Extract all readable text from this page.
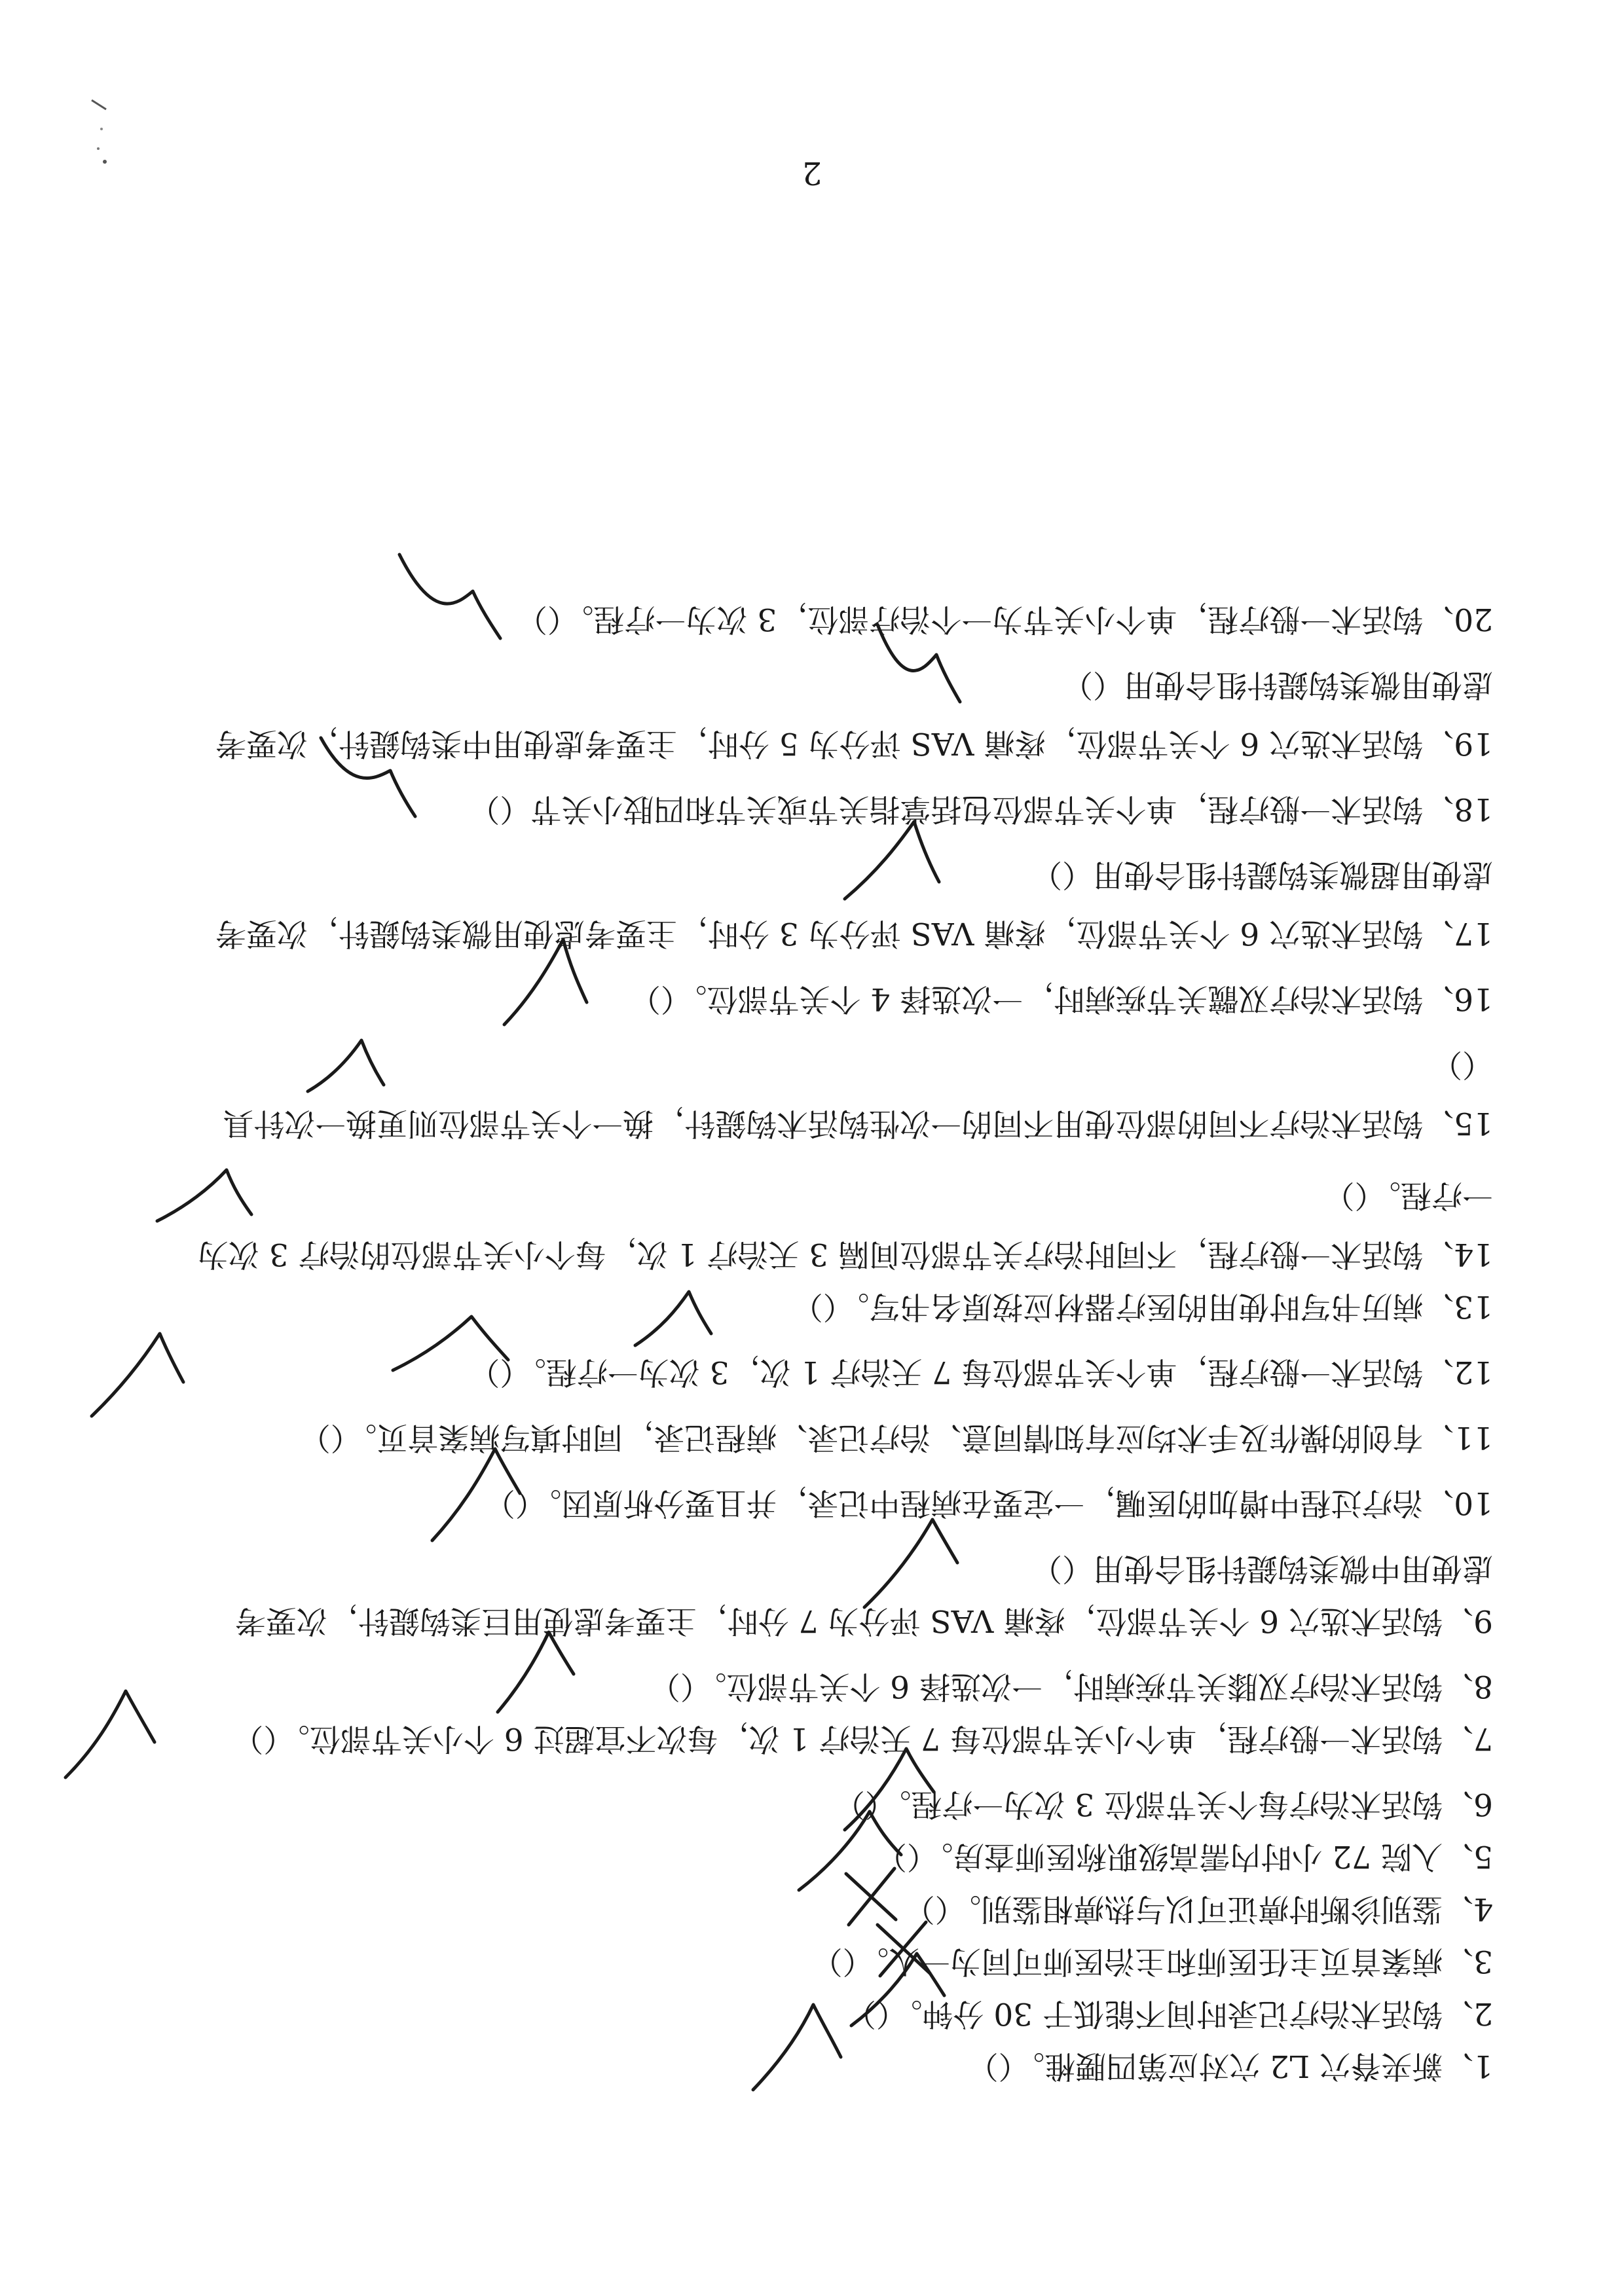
2
1、新夹脊穴 L2 穴对应第四腰椎。（）
2、钩活术治疗记录时间不能低于 30 分钟。（）
3、病案首页主任医师和主治医师可同为一人。（）
4、鉴别诊断时痹证可以与热痹相鉴别。（）
5、入院 72 小时内需高级职称医师查房。（）
6、钩活术治疗每个关节部位 3 次为一疗程。（）
7、钩活术一般疗程，单个小关节部位每 7 天治疗 1 次，每次不宜超过 6 个小关节部位。（）
8、钩活术治疗双膝关节疾病时，一次选择 6 个关节部位。（）
9、钩活术选穴 6 个关节部位，疼痛 VAS 评分为 7 分时，主要考虑使用巨类钩鍉针，次要考
虑使用中微类钩鍉针组合使用（）
10、治疗过程中增加的医嘱，一定要在病程中记录，并且要分析原因。（）
11、有创的操作及手术均应有知情同意、治疗记录、病程记录，同时填写病案首页。（）
12、钩活术一般疗程，单个关节部位每 7 天治疗 1 次，3 次为一疗程。（）
13、病历书写时使用的医疗器材应按原名书写。（）
14、钩活术一般疗程，不同时治疗关节部位间隔 3 天治疗 1 次，每个小关节部位的治疗 3 次为
一疗程。（）
15、钩活术治疗不同的部位使用不同的一次性钩活术钩鍉针，换一个关节部位则更换一次针具
（）
16、钩活术治疗双髋关节疾病时，一次选择 4 个关节部位。（）
17、钩活术选穴 6 个关节部位，疼痛 VAS 评分为 3 分时，主要考虑使用微类钩鍉针，次要考
虑使用超微类钩鍉针组合使用（）
18、钩活术一般疗程，单个关节部位包括掌指关节或关节和四肢小关节（）
19、钩活术选穴 6 个关节部位，疼痛 VAS 评分为 5 分时，主要考虑使用中类钩鍉针，次要考
虑使用微类钩鍉针组合使用（）
20、钩活术一般疗程，单个小关节为一个治疗部位，3 次为一疗程。（）
